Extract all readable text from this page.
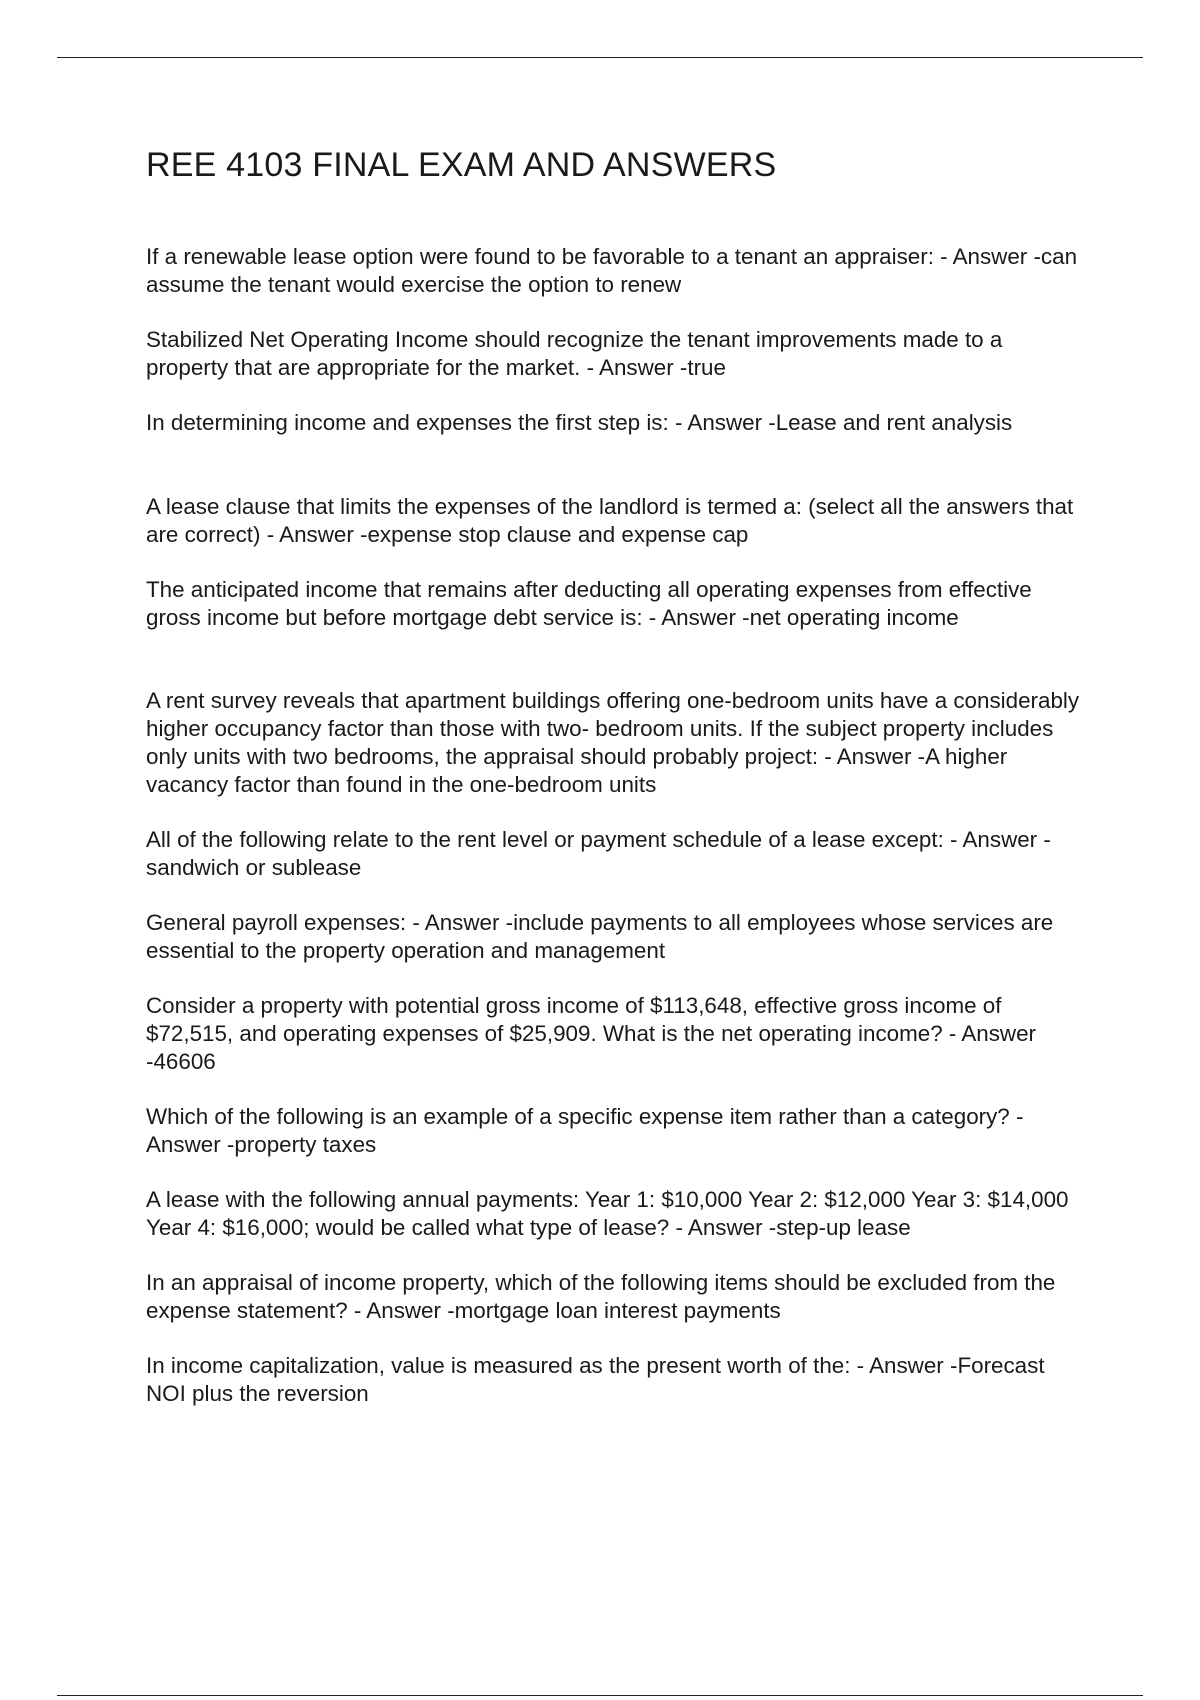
REE 4103 FINAL EXAM AND ANSWERS

If a renewable lease option were found to be favorable to a tenant an appraiser: - Answer -can assume the tenant would exercise the option to renew

Stabilized Net Operating Income should recognize the tenant improvements made to a property that are appropriate for the market. - Answer -true

In determining income and expenses the first step is: - Answer -Lease and rent analysis

A lease clause that limits the expenses of the landlord is termed a: (select all the answers that are correct) - Answer -expense stop clause and expense cap

The anticipated income that remains after deducting all operating expenses from effective gross income but before mortgage debt service is: - Answer -net operating income

A rent survey reveals that apartment buildings offering one-bedroom units have a considerably higher occupancy factor than those with two- bedroom units. If the subject property includes only units with two bedrooms, the appraisal should probably project: - Answer -A higher vacancy factor than found in the one-bedroom units

All of the following relate to the rent level or payment schedule of a lease except: - Answer -sandwich or sublease

General payroll expenses: - Answer -include payments to all employees whose services are essential to the property operation and management

Consider a property with potential gross income of $113,648, effective gross income of $72,515, and operating expenses of $25,909. What is the net operating income? - Answer -46606

Which of the following is an example of a specific expense item rather than a category? - Answer -property taxes

A lease with the following annual payments: Year 1: $10,000 Year 2: $12,000 Year 3: $14,000 Year 4: $16,000; would be called what type of lease? - Answer -step-up lease

In an appraisal of income property, which of the following items should be excluded from the expense statement? - Answer -mortgage loan interest payments

In income capitalization, value is measured as the present worth of the: - Answer -Forecast NOI plus the reversion
